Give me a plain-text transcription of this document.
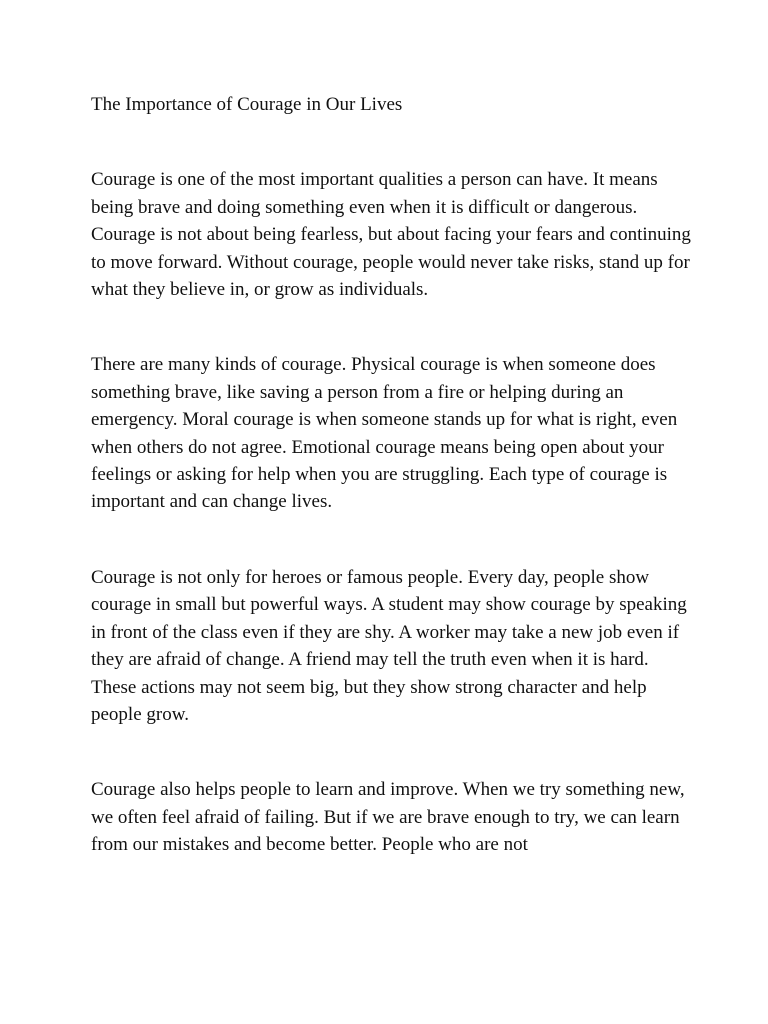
The Importance of Courage in Our Lives

Courage is one of the most important qualities a person can have. It means being brave and doing something even when it is difficult or dangerous. Courage is not about being fearless, but about facing your fears and continuing to move forward. Without courage, people would never take risks, stand up for what they believe in, or grow as individuals.

There are many kinds of courage. Physical courage is when someone does something brave, like saving a person from a fire or helping during an emergency. Moral courage is when someone stands up for what is right, even when others do not agree. Emotional courage means being open about your feelings or asking for help when you are struggling. Each type of courage is important and can change lives.

Courage is not only for heroes or famous people. Every day, people show courage in small but powerful ways. A student may show courage by speaking in front of the class even if they are shy. A worker may take a new job even if they are afraid of change. A friend may tell the truth even when it is hard. These actions may not seem big, but they show strong character and help people grow.

Courage also helps people to learn and improve. When we try something new, we often feel afraid of failing. But if we are brave enough to try, we can learn from our mistakes and become better. People who are not
